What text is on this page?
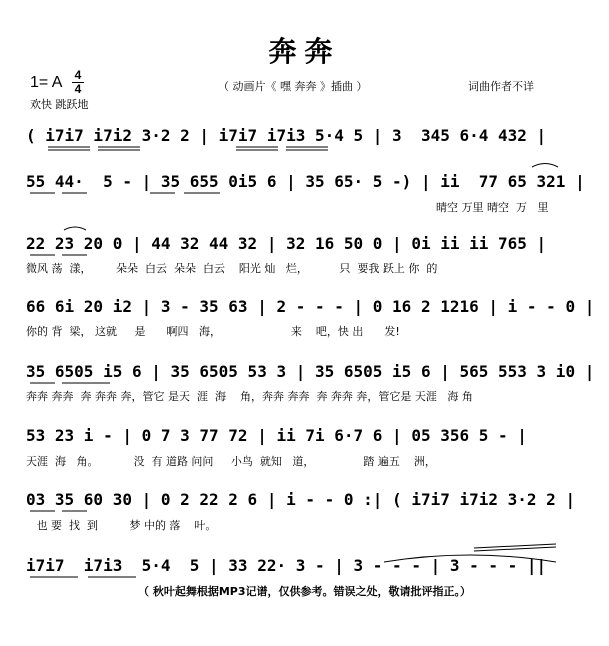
奔奔
1= A 4
4
欢快 跳跃地
（ 动画片《 嘿 奔奔 》插曲 ）	词曲作者不详
( i7i7 i7i2 3·2 2 | i7i7 i7i3 5·4 5 | 3  345 6·4 432 |
55 44·  5 - | 35 655 0i5 6 | 35 65· 5 -) | ii  77 65 321 |
晴空 万里 晴空  万   里
22 23 20 0 | 44 32 44 32 | 32 16 50 0 | 0i ii ii 765 |
微风 荡  漾，       朵朵  白云  朵朵  白云    阳光 灿   烂，         只  要我 跃上 你  的
66 6i 20 i2 | 3 - 35 63 | 2 - - - | 0 16 2 1216 | i - - 0 |
你的 背  梁， 这就     是      啊四   海，                    来    吧，快 出      发!
35 6505 i5 6 | 35 6505 53 3 | 35 6505 i5 6 | 565 553 3 i0 |
奔奔 奔奔  奔 奔奔 奔，管它 是天  涯  海    角，奔奔 奔奔  奔 奔奔 奔，管它是 天涯   海 角
53 23 i - | 0 7 3 77 72 | ii 7i 6·7 6 | 05 356 5 - |
天涯  海   角。          没  有 道路 问问     小鸟  就知   道，              踏 遍五    洲，
03 35 60 30 | 0 2 22 2 6 | i - - 0 :| ( i7i7 i7i2 3·2 2 |
也 要  找  到         梦 中的 落    叶。
i7i7  i7i3  5·4  5 | 33 22· 3 - | 3 - - - | 3 - - - ||
（ 秋叶起舞根据MP3记谱，仅供参考。错误之处，敬请批评指正。）
